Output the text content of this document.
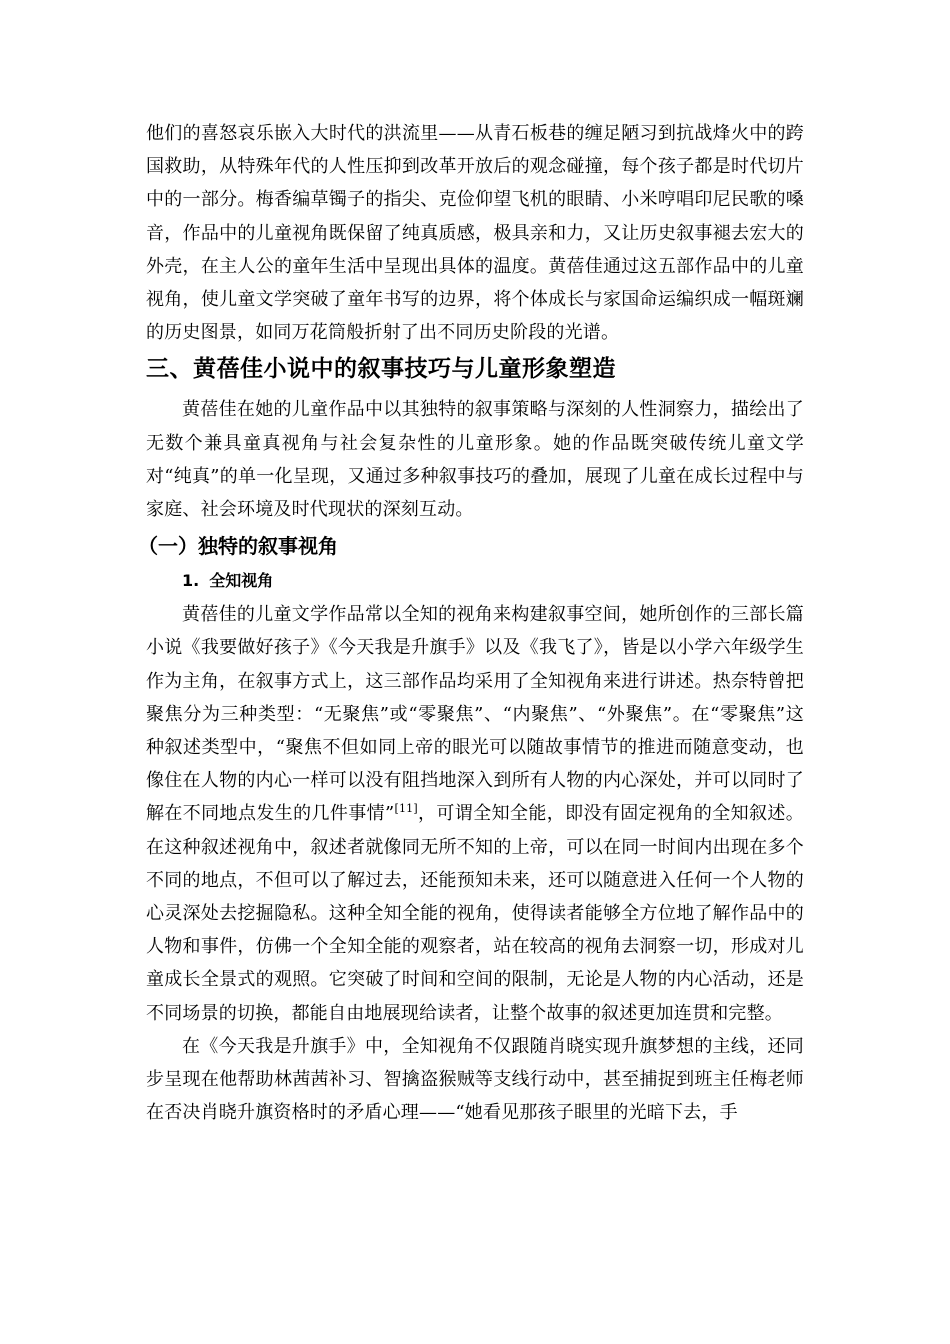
他们的喜怒哀乐嵌入大时代的洪流里——从青石板巷的缠足陋习到抗战烽火中的跨国救助，从特殊年代的人性压抑到改革开放后的观念碰撞，每个孩子都是时代切片中的一部分。梅香编草镯子的指尖、克俭仰望飞机的眼睛、小米哼唱印尼民歌的嗓音，作品中的儿童视角既保留了纯真质感，极具亲和力，又让历史叙事褪去宏大的外壳，在主人公的童年生活中呈现出具体的温度。黄蓓佳通过这五部作品中的儿童视角，使儿童文学突破了童年书写的边界，将个体成长与家国命运编织成一幅斑斓的历史图景，如同万花筒般折射了出不同历史阶段的光谱。

三、黄蓓佳小说中的叙事技巧与儿童形象塑造

黄蓓佳在她的儿童作品中以其独特的叙事策略与深刻的人性洞察力，描绘出了无数个兼具童真视角与社会复杂性的儿童形象。她的作品既突破传统儿童文学对“纯真”的单一化呈现，又通过多种叙事技巧的叠加，展现了儿童在成长过程中与家庭、社会环境及时代现状的深刻互动。

（一）独特的叙事视角
1. 全知视角

黄蓓佳的儿童文学作品常以全知的视角来构建叙事空间，她所创作的三部长篇小说《我要做好孩子》《今天我是升旗手》以及《我飞了》，皆是以小学六年级学生作为主角，在叙事方式上，这三部作品均采用了全知视角来进行讲述。热奈特曾把聚焦分为三种类型：“无聚焦”或“零聚焦”、“内聚焦”、“外聚焦”。在“零聚焦”这种叙述类型中，“聚焦不但如同上帝的眼光可以随故事情节的推进而随意变动，也像住在人物的内心一样可以没有阻挡地深入到所有人物的内心深处，并可以同时了解在不同地点发生的几件事情”[11]，可谓全知全能，即没有固定视角的全知叙述。在这种叙述视角中，叙述者就像同无所不知的上帝，可以在同一时间内出现在多个不同的地点，不但可以了解过去，还能预知未来，还可以随意进入任何一个人物的心灵深处去挖掘隐私。这种全知全能的视角，使得读者能够全方位地了解作品中的人物和事件，仿佛一个全知全能的观察者，站在较高的视角去洞察一切，形成对儿童成长全景式的观照。它突破了时间和空间的限制，无论是人物的内心活动，还是不同场景的切换，都能自由地展现给读者，让整个故事的叙述更加连贯和完整。

在《今天我是升旗手》中，全知视角不仅跟随肖晓实现升旗梦想的主线，还同步呈现在他帮助林茜茜补习、智擒盗猴贼等支线行动中，甚至捕捉到班主任梅老师在否决肖晓升旗资格时的矛盾心理——“她看见那孩子眼里的光暗下去，手
